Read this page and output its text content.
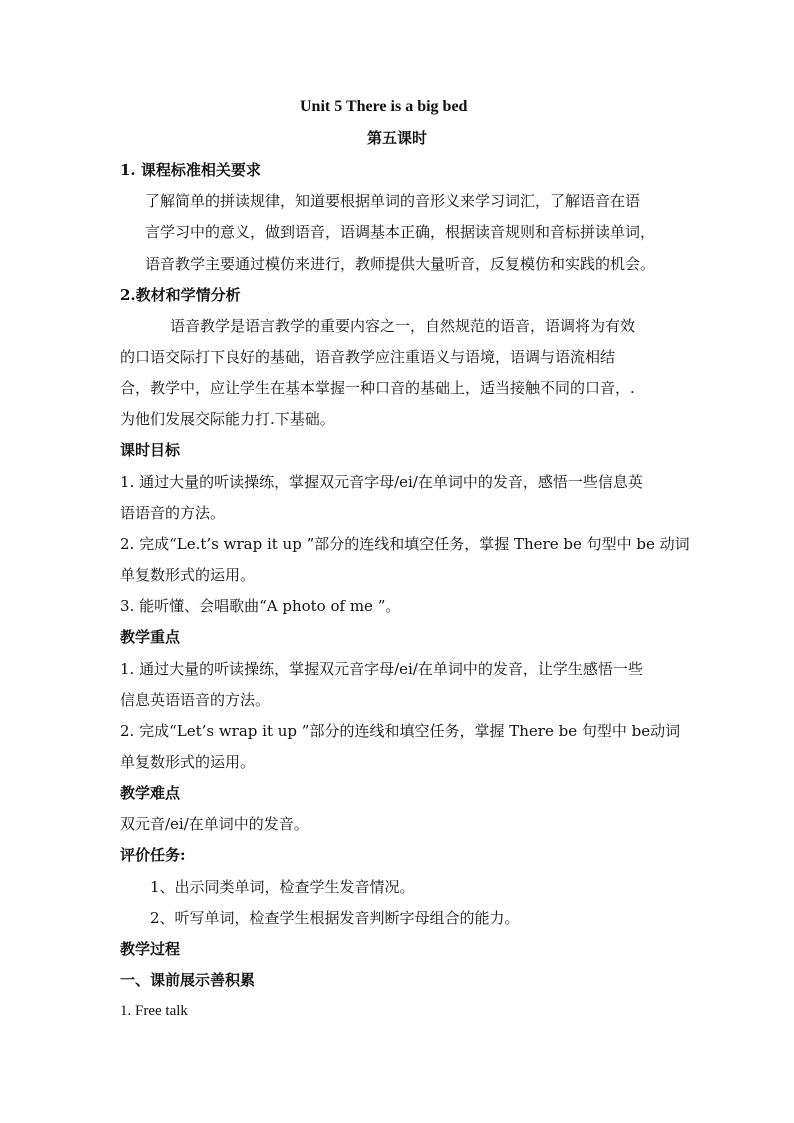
Unit 5 There is a big bed
第五课时
1. 课程标准相关要求
了解简单的拼读规律，知道要根据单词的音形义来学习词汇，了解语音在语
言学习中的意义，做到语音，语调基本正确，根据读音规则和音标拼读单词，
语音教学主要通过模仿来进行，教师提供大量听音，反复模仿和实践的机会。
2.教材和学情分析
语音教学是语言教学的重要内容之一，自然规范的语音，语调将为有效
的口语交际打下良好的基础，语音教学应注重语义与语境，语调与语流相结
合，教学中，应让学生在基本掌握一种口音的基础上，适当接触不同的口音，.
为他们发展交际能力打.下基础。
课时目标
1. 通过大量的听读操练，掌握双元音字母/ei/在单词中的发音，感悟一些信息英
语语音的方法。
2. 完成“Le.t’s wrap it up ”部分的连线和填空任务，掌握 There be 句型中 be 动词
单复数形式的运用。
3. 能听懂、会唱歌曲“A photo of me ”。
教学重点
1. 通过大量的听读操练，掌握双元音字母/ei/在单词中的发音，让学生感悟一些
信息英语语音的方法。
2. 完成“Let’s wrap it up ”部分的连线和填空任务，掌握 There be 句型中 be动词
单复数形式的运用。
教学难点
双元音/ei/在单词中的发音。
评价任务:
1、出示同类单词，检查学生发音情况。
2、听写单词，检查学生根据发音判断字母组合的能力。
教学过程
一、课前展示善积累
1. Free talk
